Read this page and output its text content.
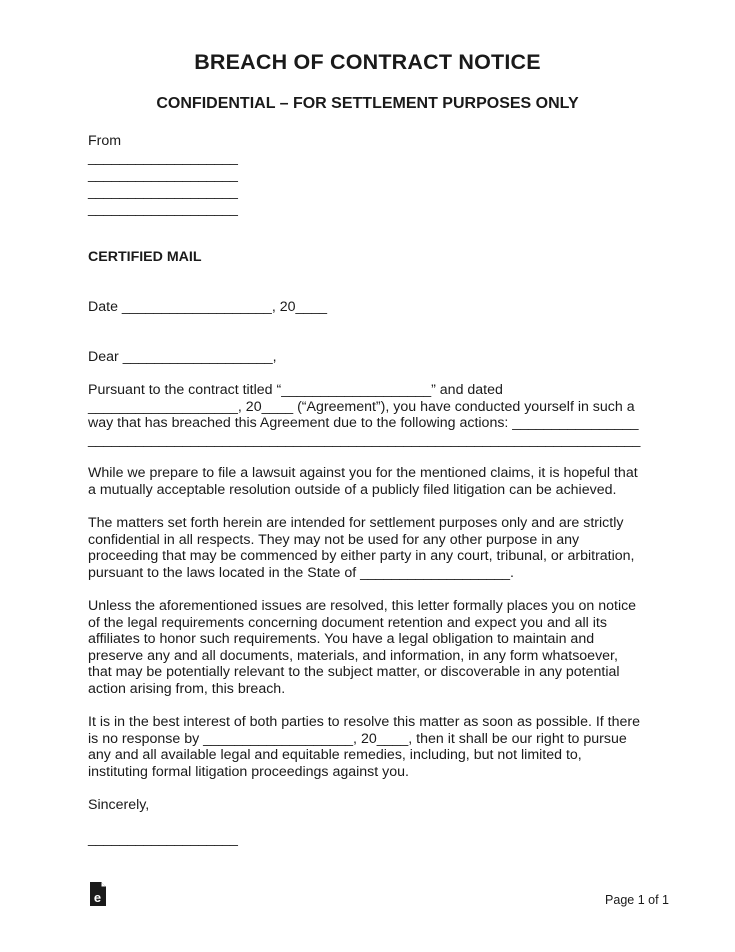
BREACH OF CONTRACT NOTICE
CONFIDENTIAL – FOR SETTLEMENT PURPOSES ONLY
From
___________________
___________________
___________________
___________________
CERTIFIED MAIL
Date ___________________, 20____
Dear ___________________,
Pursuant to the contract titled “___________________” and dated
___________________, 20____ (“Agreement”), you have conducted yourself in such a
way that has breached this Agreement due to the following actions: ________________
______________________________________________________________________
While we prepare to file a lawsuit against you for the mentioned claims, it is hopeful that
a mutually acceptable resolution outside of a publicly filed litigation can be achieved.
The matters set forth herein are intended for settlement purposes only and are strictly
confidential in all respects. They may not be used for any other purpose in any
proceeding that may be commenced by either party in any court, tribunal, or arbitration,
pursuant to the laws located in the State of ___________________.
Unless the aforementioned issues are resolved, this letter formally places you on notice
of the legal requirements concerning document retention and expect you and all its
affiliates to honor such requirements. You have a legal obligation to maintain and
preserve any and all documents, materials, and information, in any form whatsoever,
that may be potentially relevant to the subject matter, or discoverable in any potential
action arising from, this breach.
It is in the best interest of both parties to resolve this matter as soon as possible. If there
is no response by ___________________, 20____, then it shall be our right to pursue
any and all available legal and equitable remedies, including, but not limited to,
instituting formal litigation proceedings against you.
Sincerely,
___________________
e	Page 1 of 1
